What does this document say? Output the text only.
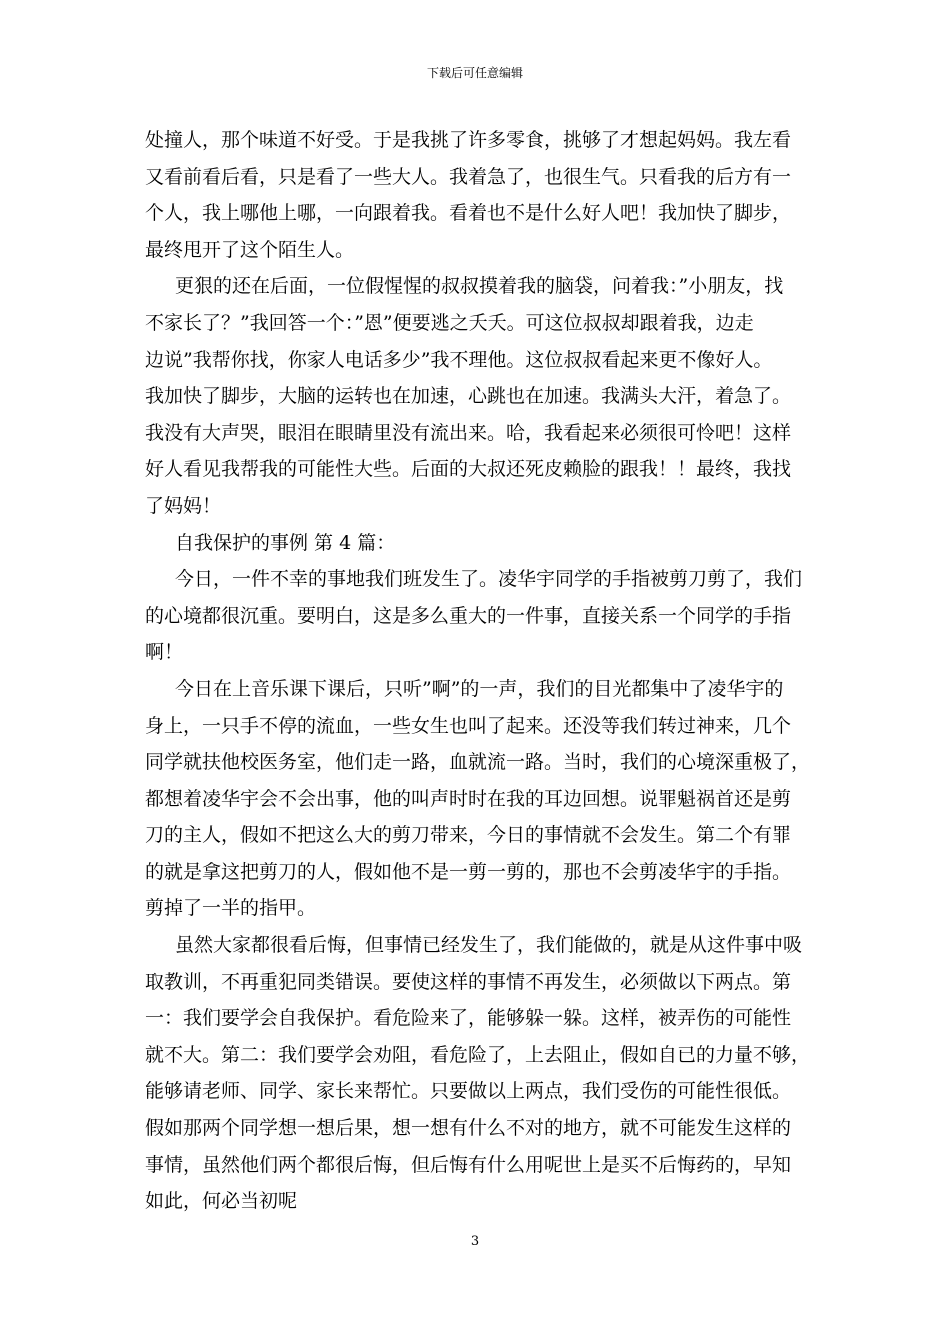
下载后可任意编辑
处撞人，那个味道不好受。于是我挑了许多零食，挑够了才想起妈妈。我左看
又看前看后看，只是看了一些大人。我着急了，也很生气。只看我的后方有一
个人，我上哪他上哪，一向跟着我。看着也不是什么好人吧！我加快了脚步，
最终甩开了这个陌生人。
更狠的还在后面，一位假惺惺的叔叔摸着我的脑袋，问着我：”小朋友，找
不家长了？”我回答一个：”恩”便要逃之夭夭。可这位叔叔却跟着我，边走
边说”我帮你找，你家人电话多少”我不理他。这位叔叔看起来更不像好人。
我加快了脚步，大脑的运转也在加速，心跳也在加速。我满头大汗，着急了。
我没有大声哭，眼泪在眼睛里没有流出来。哈，我看起来必须很可怜吧！这样
好人看见我帮我的可能性大些。后面的大叔还死皮赖脸的跟我！！最终，我找
了妈妈！
自我保护的事例 第 4 篇：
今日，一件不幸的事地我们班发生了。凌华宇同学的手指被剪刀剪了，我们
的心境都很沉重。要明白，这是多么重大的一件事，直接关系一个同学的手指
啊！
今日在上音乐课下课后，只听”啊”的一声，我们的目光都集中了凌华宇的
身上，一只手不停的流血，一些女生也叫了起来。还没等我们转过神来，几个
同学就扶他校医务室，他们走一路，血就流一路。当时，我们的心境深重极了，
都想着凌华宇会不会出事，他的叫声时时在我的耳边回想。说罪魁祸首还是剪
刀的主人，假如不把这么大的剪刀带来，今日的事情就不会发生。第二个有罪
的就是拿这把剪刀的人，假如他不是一剪一剪的，那也不会剪凌华宇的手指。
剪掉了一半的指甲。
虽然大家都很看后悔，但事情已经发生了，我们能做的，就是从这件事中吸
取教训，不再重犯同类错误。要使这样的事情不再发生，必须做以下两点。第
一：我们要学会自我保护。看危险来了，能够躲一躲。这样，被弄伤的可能性
就不大。第二：我们要学会劝阻，看危险了，上去阻止，假如自已的力量不够，
能够请老师、同学、家长来帮忙。只要做以上两点，我们受伤的可能性很低。
假如那两个同学想一想后果，想一想有什么不对的地方，就不可能发生这样的
事情，虽然他们两个都很后悔，但后悔有什么用呢世上是买不后悔药的，早知
如此，何必当初呢
3
